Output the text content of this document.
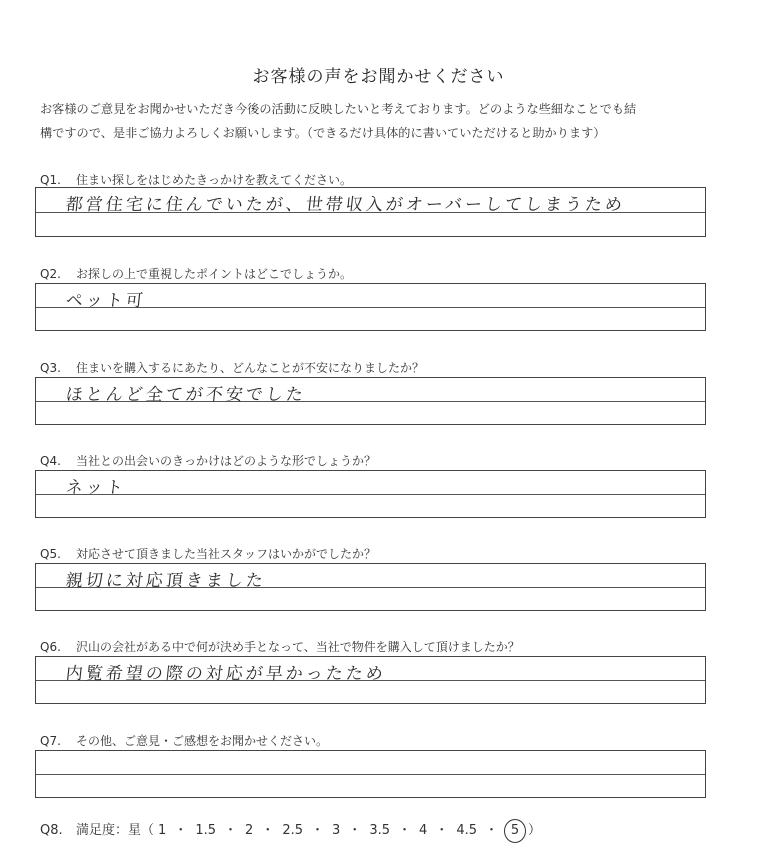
お客様の声をお聞かせください
お客様のご意見をお聞かせいただき今後の活動に反映したいと考えております。どのような些細なことでも結
構ですので、是非ご協力よろしくお願いします。（できるだけ具体的に書いていただけると助かります）
Q1. 住まい探しをはじめたきっかけを教えてください。
都営住宅に住んでいたが、世帯収入がオーバーしてしまうため
Q2. お探しの上で重視したポイントはどこでしょうか。
ペット可
Q3. 住まいを購入するにあたり、どんなことが不安になりましたか？
ほとんど全てが不安でした
Q4. 当社との出会いのきっかけはどのような形でしょうか？
ネット
Q5. 対応させて頂きました当社スタッフはいかがでしたか？
親切に対応頂きました
Q6. 沢山の会社がある中で何が決め手となって、当社で物件を購入して頂けましたか？
内覧希望の際の対応が早かったため
Q7. その他、ご意見・ご感想をお聞かせください。
Q8. 満足度：星（ 1 ・ 1.5 ・ 2 ・ 2.5 ・ 3 ・ 3.5 ・ 4 ・ 4.5 ・ 5 ）
